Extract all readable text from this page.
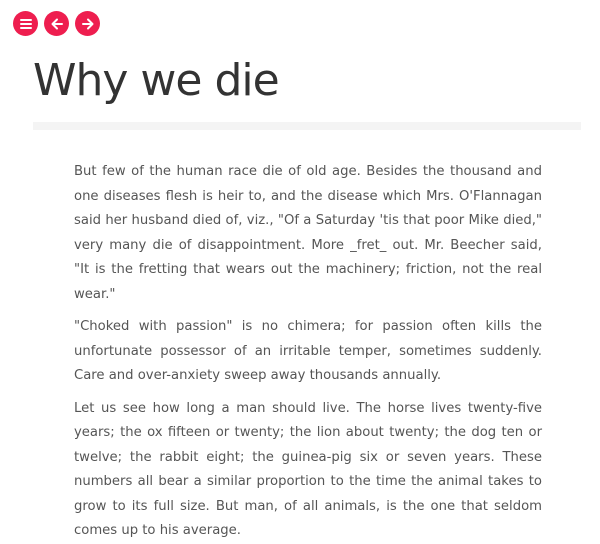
Why we die

But few of the human race die of old age. Besides the thousand and one diseases flesh is heir to, and the disease which Mrs. O'Flannagan said her husband died of, viz., "Of a Saturday 'tis that poor Mike died," very many die of disappointment. More _fret_ out. Mr. Beecher said, "It is the fretting that wears out the machinery; friction, not the real wear."

"Choked with passion" is no chimera; for passion often kills the unfortunate possessor of an irritable temper, sometimes suddenly. Care and over-anxiety sweep away thousands annually.

Let us see how long a man should live. The horse lives twenty-five years; the ox fifteen or twenty; the lion about twenty; the dog ten or twelve; the rabbit eight; the guinea-pig six or seven years. These numbers all bear a similar proportion to the time the animal takes to grow to its full size. But man, of all animals, is the one that seldom comes up to his average.
